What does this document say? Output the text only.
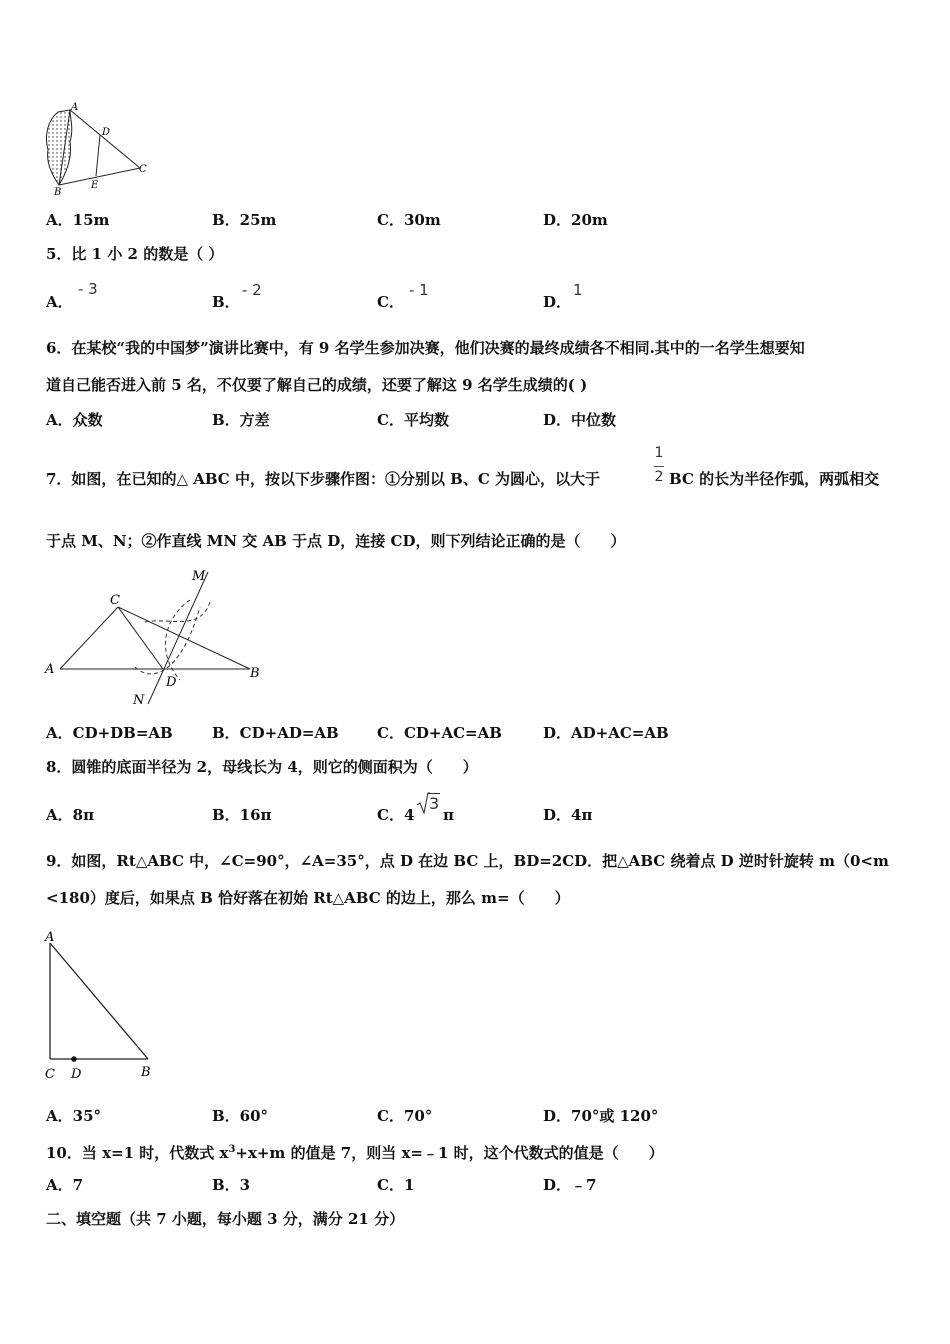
A
D
C
E
B
A．15m	B．25m	C．30m	D．20m
5．比 1 小 2 的数是（ ）
A．
- 3
B．
- 2
C．
- 1
D．
1
6．在某校“我的中国梦”演讲比赛中，有 9 名学生参加决赛，他们决赛的最终成绩各不相同.其中的一名学生想要知
道自己能否进入前 5 名，不仅要了解自己的成绩，还要了解这 9 名学生成绩的( )
A．众数	B．方差	C．平均数	D．中位数
7．如图，在已知的△ ABC 中，按以下步骤作图：①分别以 B、C 为圆心，以大于
1
2 BC 的长为半径作弧，两弧相交
于点 M、N；②作直线 MN 交 AB 于点 D，连接 CD，则下列结论正确的是（　　）
C
M
A	B
D
N
A．CD+DB=AB	B．CD+AD=AB	C．CD+AC=AB	D．AD+AC=AB
8．圆锥的底面半径为 2，母线长为 4，则它的侧面积为（　　）
A．8π	B．16π	C．4
3
π	D．4π
9．如图，Rt△ABC 中，∠C=90°，∠A=35°，点 D 在边 BC 上，BD=2CD．把△ABC 绕着点 D 逆时针旋转 m（0<m
<180）度后，如果点 B 恰好落在初始 Rt△ABC 的边上，那么 m=（　　）
A
C D	B
A．35°	B．60°	C．70°	D．70°或 120°
10．当 x=1 时，代数式 $x^3+x+m$ 的值是 7，则当 x=﹣1 时，这个代数式的值是（　　）
A．7	B．3	C．1	D．﹣7
二、填空题（共 7 小题，每小题 3 分，满分 21 分）
